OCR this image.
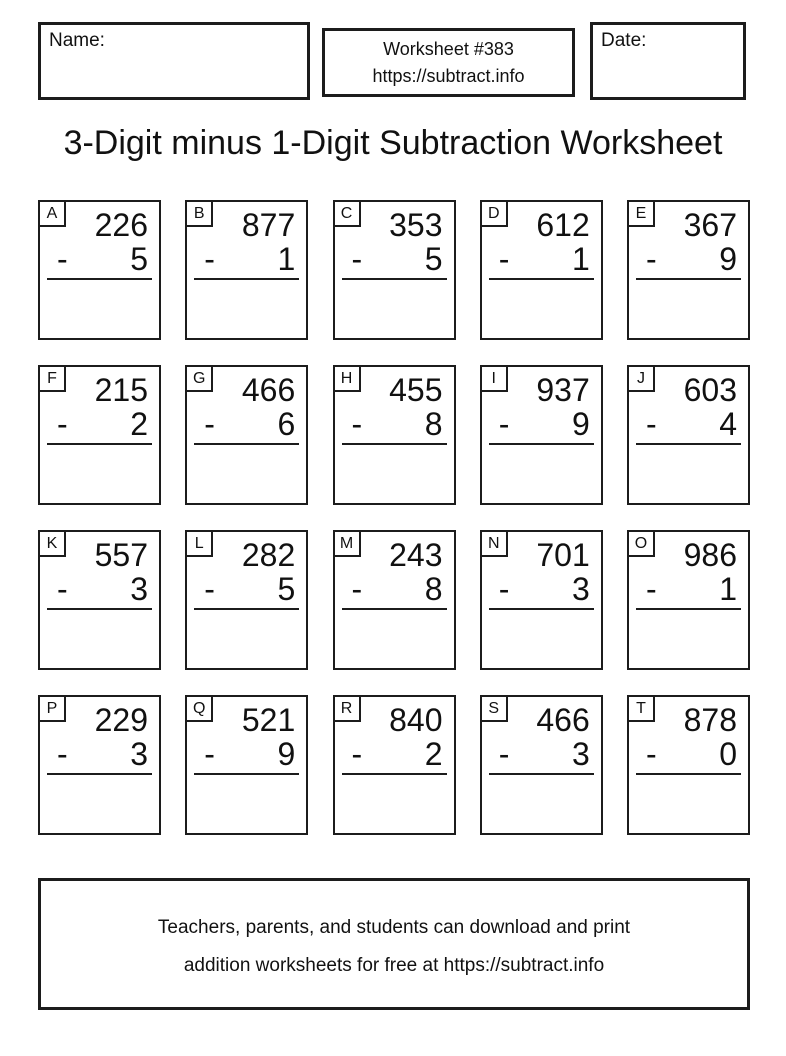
Name:	Worksheet #383
https://subtract.info
Date:
3-Digit minus 1-Digit Subtraction Worksheet
A 226
- 5
B 877
- 1
C 353
- 5
D 612
- 1
E 367
- 9
F 215
- 2
G 466
- 6
H 455
- 8
I	937
- 9
J	603
- 4
K 557
- 3
L 282
- 5
M 243
- 8
N 701
- 3
O 986
- 1
P 229
- 3
Q 521
- 9
R 840
- 2
S 466
- 3
T 878
- 0
Teachers, parents, and students can download and print
addition worksheets for free at https://subtract.info
